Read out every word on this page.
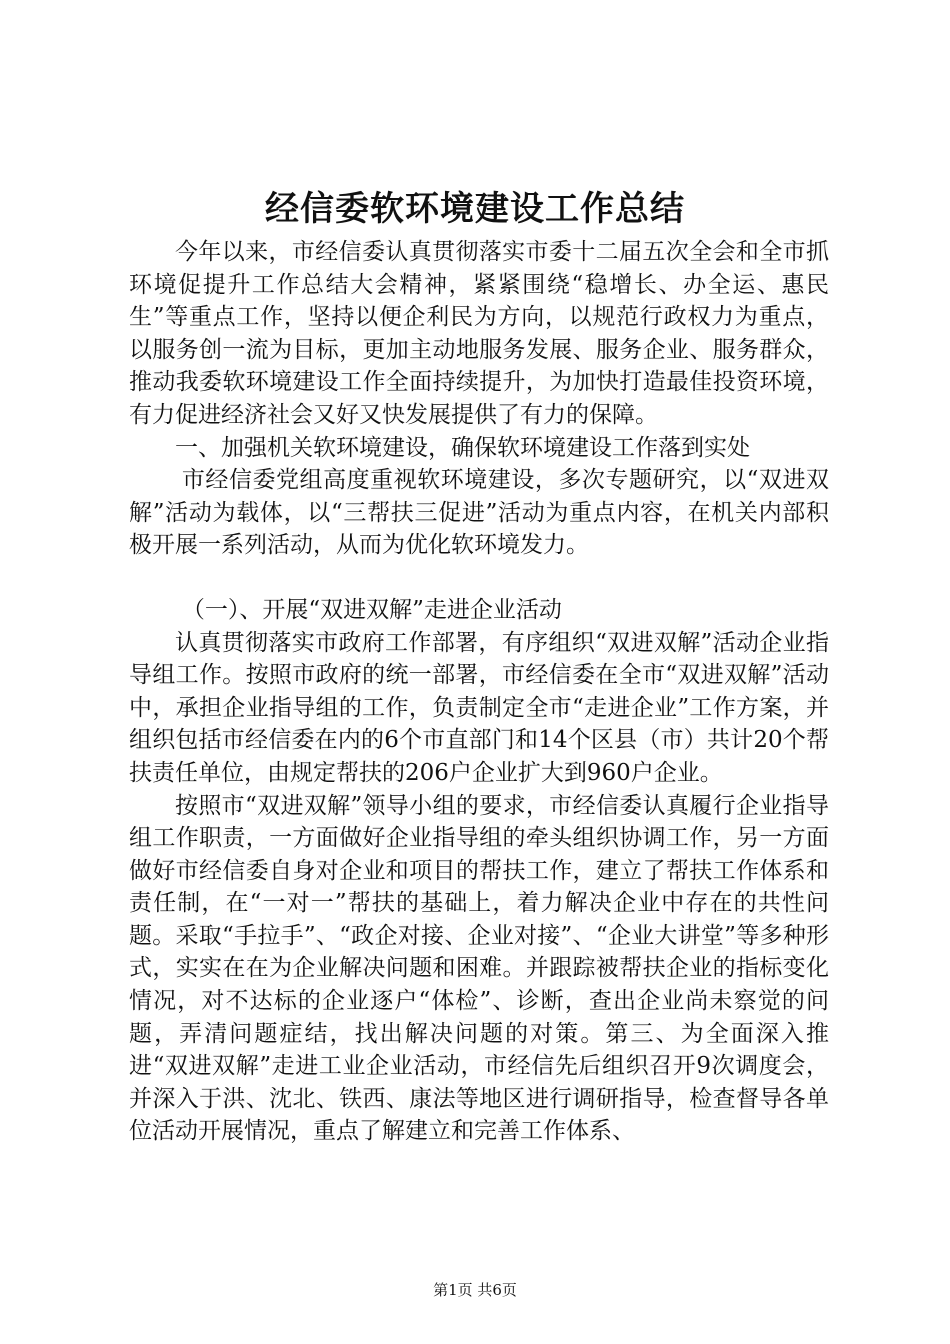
经信委软环境建设工作总结

今年以来，市经信委认真贯彻落实市委十二届五次全会和全市抓环境促提升工作总结大会精神，紧紧围绕“稳增长、办全运、惠民生”等重点工作，坚持以便企利民为方向，以规范行政权力为重点，以服务创一流为目标，更加主动地服务发展、服务企业、服务群众，推动我委软环境建设工作全面持续提升，为加快打造最佳投资环境，有力促进经济社会又好又快发展提供了有力的保障。

一、加强机关软环境建设，确保软环境建设工作落到实处

市经信委党组高度重视软环境建设，多次专题研究，以“双进双解”活动为载体，以“三帮扶三促进”活动为重点内容，在机关内部积极开展一系列活动，从而为优化软环境发力。

（一）、开展“双进双解”走进企业活动

认真贯彻落实市政府工作部署，有序组织“双进双解”活动企业指导组工作。按照市政府的统一部署，市经信委在全市“双进双解”活动中，承担企业指导组的工作，负责制定全市“走进企业”工作方案，并组织包括市经信委在内的6个市直部门和14个区县（市）共计20个帮扶责任单位，由规定帮扶的206户企业扩大到960户企业。

按照市“双进双解”领导小组的要求，市经信委认真履行企业指导组工作职责，一方面做好企业指导组的牵头组织协调工作，另一方面做好市经信委自身对企业和项目的帮扶工作，建立了帮扶工作体系和责任制，在“一对一”帮扶的基础上，着力解决企业中存在的共性问题。采取“手拉手”、“政企对接、企业对接”、“企业大讲堂”等多种形式，实实在在为企业解决问题和困难。并跟踪被帮扶企业的指标变化情况，对不达标的企业逐户“体检”、诊断，查出企业尚未察觉的问题，弄清问题症结，找出解决问题的对策。第三、为全面深入推进“双进双解”走进工业企业活动，市经信先后组织召开9次调度会，并深入于洪、沈北、铁西、康法等地区进行调研指导，检查督导各单位活动开展情况，重点了解建立和完善工作体系、

第1页 共6页
